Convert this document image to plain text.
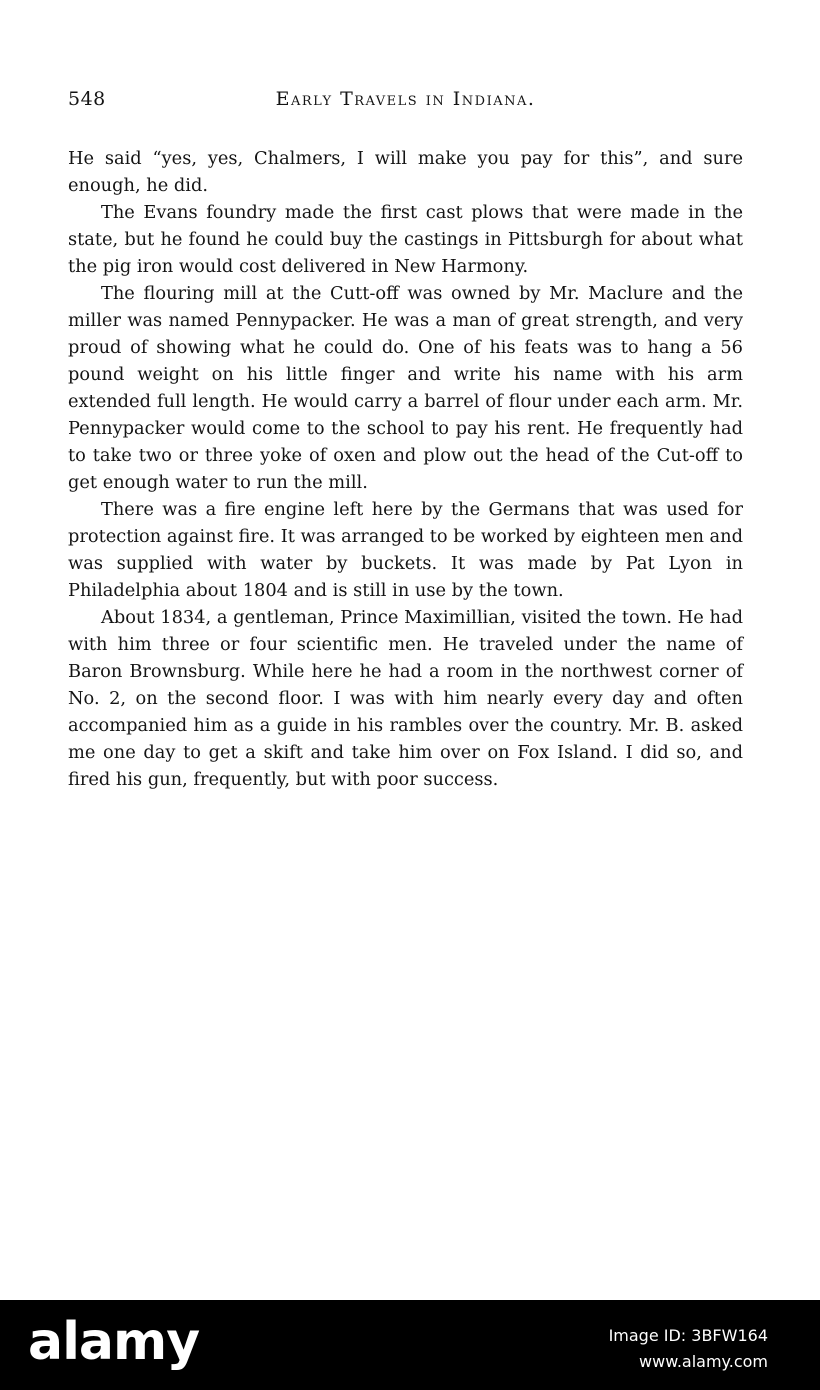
548	Early Travels in Indiana.

He said “yes, yes, Chalmers, I will make you pay for this”, and sure enough, he did.

The Evans foundry made the first cast plows that were made in the state, but he found he could buy the castings in Pittsburgh for about what the pig iron would cost delivered in New Harmony.

The flouring mill at the Cutt-off was owned by Mr. Maclure and the miller was named Pennypacker. He was a man of great strength, and very proud of showing what he could do. One of his feats was to hang a 56 pound weight on his little finger and write his name with his arm extended full length. He would carry a barrel of flour under each arm. Mr. Pennypacker would come to the school to pay his rent. He frequently had to take two or three yoke of oxen and plow out the head of the Cut-off to get enough water to run the mill.

There was a fire engine left here by the Germans that was used for protection against fire. It was arranged to be worked by eighteen men and was supplied with water by buckets. It was made by Pat Lyon in Philadelphia about 1804 and is still in use by the town.

About 1834, a gentleman, Prince Maximillian, visited the town. He had with him three or four scientific men. He traveled under the name of Baron Brownsburg. While here he had a room in the northwest corner of No. 2, on the second floor. I was with him nearly every day and often accompanied him as a guide in his rambles over the country. Mr. B. asked me one day to get a skift and take him over on Fox Island. I did so, and fired his gun, frequently, but with poor success.

alamy	Image ID: 3BFW164
www.alamy.com
